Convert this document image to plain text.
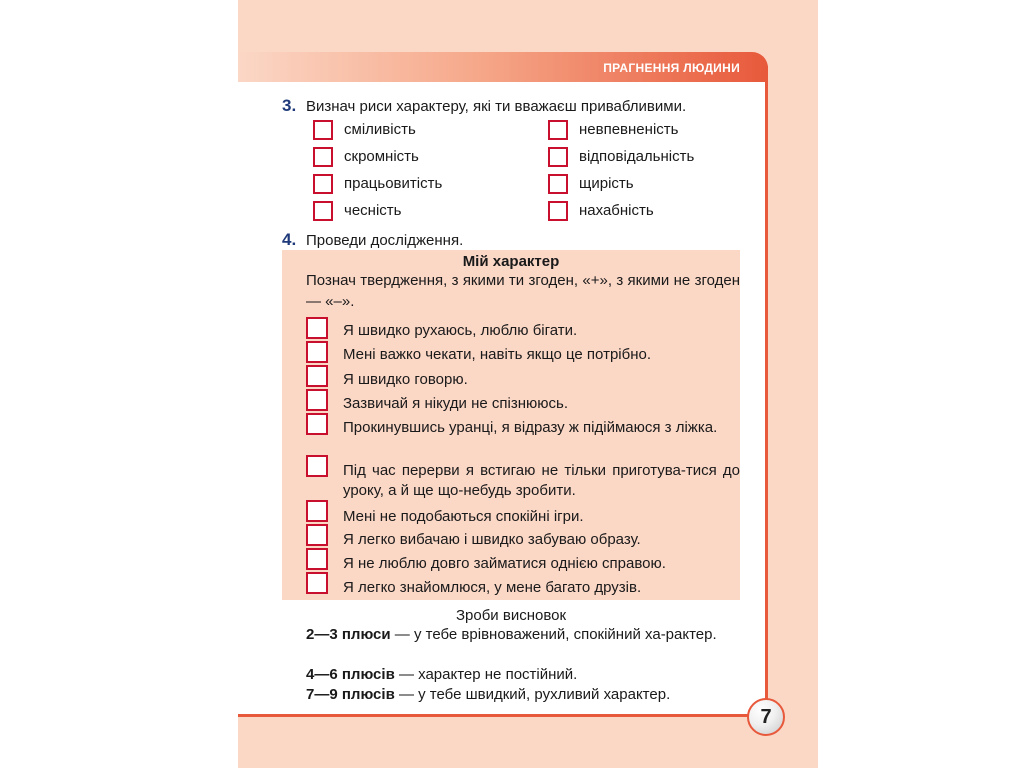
ПРАГНЕННЯ ЛЮДИНИ
3. Визнач риси характеру, які ти вважаєш привабливими.
сміливість
скромність
працьовитість
чесність
невпевненість
відповідальність
щирість
нахабність
4. Проведи дослідження.
Мій характер
Познач твердження, з якими ти згоден, «+», з якими не згоден — «–».
Я швидко рухаюсь, люблю бігати.
Мені важко чекати, навіть якщо це потрібно.
Я швидко говорю.
Зазвичай я нікуди не спізнююсь.
Прокинувшись уранці, я відразу ж підіймаюся з ліжка.
Під час перерви я встигаю не тільки приготува-тися до уроку, а й ще що-небудь зробити.
Мені не подобаються спокійні ігри.
Я легко вибачаю і швидко забуваю образу.
Я не люблю довго займатися однією справою.
Я легко знайомлюся, у мене багато друзів.
Зроби висновок
2—3 плюси — у тебе врівноважений, спокійний ха-рактер.
4—6 плюсів — характер не постійний.
7—9 плюсів — у тебе швидкий, рухливий характер.
7
